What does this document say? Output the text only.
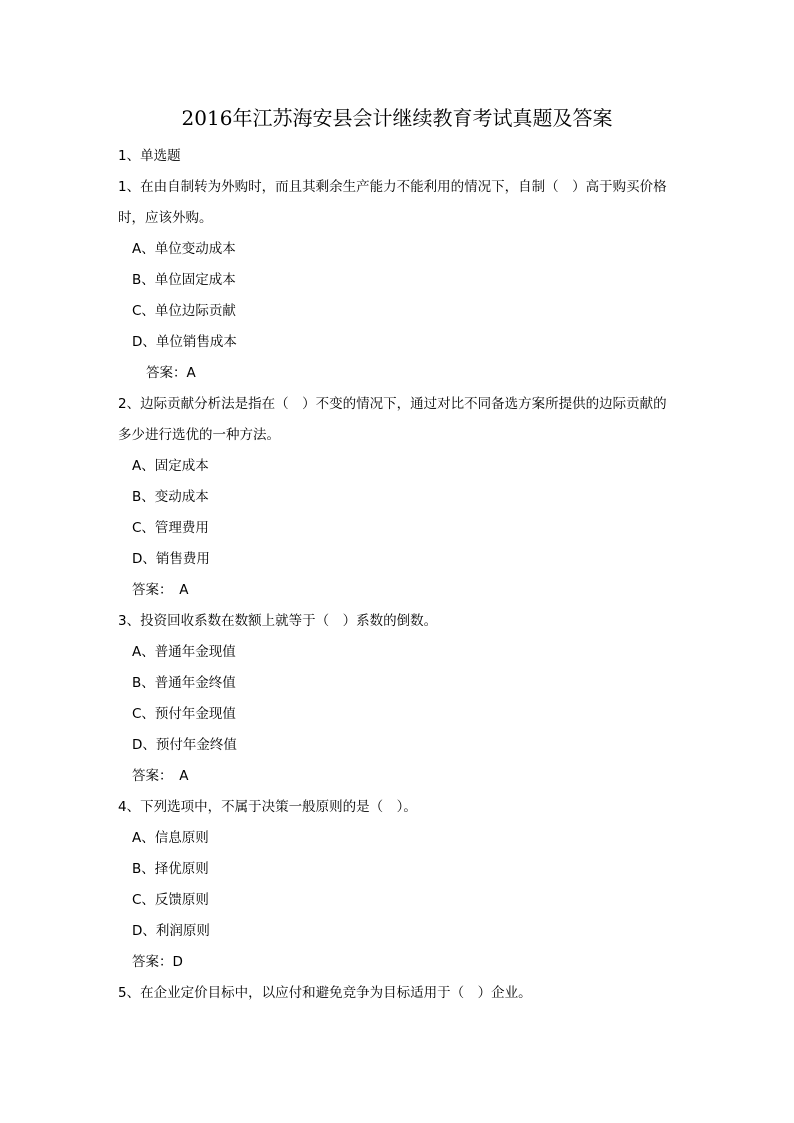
2016年江苏海安县会计继续教育考试真题及答案
1、单选题
1、在由自制转为外购时，而且其剩余生产能力不能利用的情况下，自制（　）高于购买价格时，应该外购。
A、单位变动成本
B、单位固定成本
C、单位边际贡献
D、单位销售成本
答案：A
2、边际贡献分析法是指在（　）不变的情况下，通过对比不同备选方案所提供的边际贡献的多少进行选优的一种方法。
A、固定成本
B、变动成本
C、管理费用
D、销售费用
答案：　A
3、投资回收系数在数额上就等于（　）系数的倒数。
A、普通年金现值
B、普通年金终值
C、预付年金现值
D、预付年金终值
答案：　A
4、下列选项中，不属于决策一般原则的是（　）。
A、信息原则
B、择优原则
C、反馈原则
D、利润原则
答案：D
5、在企业定价目标中，以应付和避免竞争为目标适用于（　）企业。
